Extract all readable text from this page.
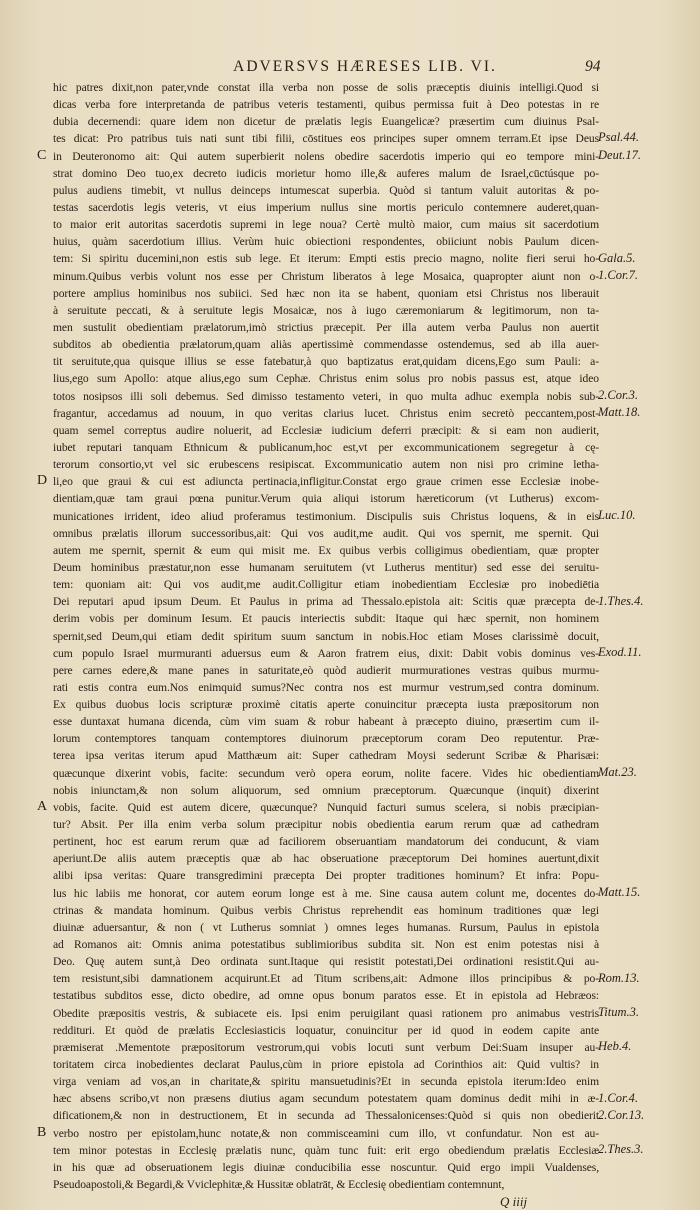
ADVERSVS HÆRESES LIB. VI.	94
hic patres dixit,non pater,vnde constat illa verba non posse de solis præceptis diuinis intelligi.Quod si
dicas verba fore interpretanda de patribus veteris testamenti, quibus permissa fuit à Deo potestas in re
dubia decernendi: quare idem non dicetur de prælatis legis Euangelicæ? præsertim cum diuinus Psal-
tes dicat: Pro patribus tuis nati sunt tibi filii, cōstitues eos principes super omnem terram.Et ipse Deus
in Deuteronomo ait: Qui autem superbierit nolens obedire sacerdotis imperio qui eo tempore mini-
strat domino Deo tuo,ex decreto iudicis morietur homo ille,& auferes malum de Israel,cūctúsque po-
pulus audiens timebit, vt nullus deinceps intumescat superbia. Quòd si tantum valuit autoritas & po-
testas sacerdotis legis veteris, vt eius imperium nullus sine mortis periculo contemnere auderet,quan-
to maior erit autoritas sacerdotis supremi in lege noua? Certè multò maior, cum maius sit sacerdotium
huius, quàm sacerdotium illius. Verùm huic obiectioni respondentes, obiiciunt nobis Paulum dicen-
tem: Si spiritu ducemini,non estis sub lege. Et iterum: Empti estis precio magno, nolite fieri serui ho-
minum.Quibus verbis volunt nos esse per Christum liberatos à lege Mosaica, quapropter aiunt non o-
portere amplius hominibus nos subiici. Sed hæc non ita se habent, quoniam etsi Christus nos liberauit
à seruitute peccati, & à seruitute legis Mosaicæ, nos à iugo cæremoniarum & legitimorum, non ta-
men sustulit obedientiam prælatorum,imò strictius præcepit. Per illa autem verba Paulus non auertit
subditos ab obedientia prælatorum,quam aliàs apertissimè commendasse ostendemus, sed ab illa auer-
tit seruitute,qua quisque illius se esse fatebatur,à quo baptizatus erat,quidam dicens,Ego sum Pauli: a-
lius,ego sum Apollo: atque alius,ego sum Cephæ. Christus enim solus pro nobis passus est, atque ideo
totos nosipsos illi soli debemus. Sed dimisso testamento veteri, in quo multa adhuc exempla nobis sub-
fragantur, accedamus ad nouum, in quo veritas clarius lucet. Christus enim secretò peccantem,post-
quam semel correptus audire noluerit, ad Ecclesiæ iudicium deferri præcipit: & si eam non audierit,
iubet reputari tanquam Ethnicum & publicanum,hoc est,vt per excommunicationem segregetur à cę-
terorum consortio,vt vel sic erubescens resipiscat. Excommunicatio autem non nisi pro crimine letha-
li,eo que graui & cui est adiuncta pertinacia,infligitur.Constat ergo graue crimen esse Ecclesiæ inobe-
dientiam,quæ tam graui pœna punitur.Verum quia aliqui istorum hæreticorum (vt Lutherus) excom-
municationes irrident, ideo aliud proferamus testimonium. Discipulis suis Christus loquens, & in eis
omnibus prælatis illorum successoribus,ait: Qui vos audit,me audit. Qui vos spernit, me spernit. Qui
autem me spernit, spernit & eum qui misit me. Ex quibus verbis colligimus obedientiam, quæ propter
Deum hominibus præstatur,non esse humanam seruitutem (vt Lutherus mentitur) sed esse dei seruitu-
tem: quoniam ait: Qui vos audit,me audit.Colligitur etiam inobedientiam Ecclesiæ pro inobediētia
Dei reputari apud ipsum Deum. Et Paulus in prima ad Thessalo.epistola ait: Scitis quæ præcepta de-
derim vobis per dominum Iesum. Et paucis interiectis subdit: Itaque qui hæc spernit, non hominem
spernit,sed Deum,qui etiam dedit spiritum suum sanctum in nobis.Hoc etiam Moses clarissimè docuit,
cum populo Israel murmuranti aduersus eum & Aaron fratrem eius, dixit: Dabit vobis dominus ves-
pere carnes edere,& mane panes in saturitate,eò quòd audierit murmurationes vestras quibus murmu-
rati estis contra eum.Nos enimquid sumus?Nec contra nos est murmur vestrum,sed contra dominum.
Ex quibus duobus locis scripturæ proximè citatis aperte conuincitur præcepta iusta præpositorum non
esse duntaxat humana dicenda, cùm vim suam & robur habeant à præcepto diuino, præsertim cum il-
lorum contemptores tanquam contemptores diuinorum præceptorum coram Deo reputentur. Præ-
terea ipsa veritas iterum apud Matthæum ait: Super cathedram Moysi sederunt Scribæ & Pharisæi:
quæcunque dixerint vobis, facite: secundum verò opera eorum, nolite facere. Vides hic obedientiam
nobis iniunctam,& non solum aliquorum, sed omnium præceptorum. Quæcunque (inquit) dixerint
vobis, facite. Quid est autem dicere, quæcunque? Nunquid facturi sumus scelera, si nobis præcipian-
tur? Absit. Per illa enim verba solum præcipitur nobis obedientia earum rerum quæ ad cathedram
pertinent, hoc est earum rerum quæ ad faciliorem obseruantiam mandatorum dei conducunt, & viam
aperiunt.De aliis autem præceptis quæ ab hac obseruatione præceptorum Dei homines auertunt,dixit
alibi ipsa veritas: Quare transgredimini præcepta Dei propter traditiones hominum? Et infra: Popu-
lus hic labiis me honorat, cor autem eorum longe est à me. Sine causa autem colunt me, docentes do-
ctrinas & mandata hominum. Quibus verbis Christus reprehendit eas hominum traditiones quæ legi
diuinæ aduersantur, & non ( vt Lutherus somniat ) omnes leges humanas. Rursum, Paulus in epistola
ad Romanos ait: Omnis anima potestatibus sublimioribus subdita sit. Non est enim potestas nisi à
Deo. Quę autem sunt,à Deo ordinata sunt.Itaque qui resistit potestati,Dei ordinationi resistit.Qui au-
tem resistunt,sibi damnationem acquirunt.Et ad Titum scribens,ait: Admone illos principibus & po-
testatibus subditos esse, dicto obedire, ad omne opus bonum paratos esse. Et in epistola ad Hebræos:
Obedite præpositis vestris, & subiacete eis. Ipsi enim peruigilant quasi rationem pro animabus vestris
reddituri. Et quòd de prælatis Ecclesiasticis loquatur, conuincitur per id quod in eodem capite ante
præmiserat .Mementote præpositorum vestrorum,qui vobis locuti sunt verbum Dei:Suam insuper au-
toritatem circa inobedientes declarat Paulus,cùm in priore epistola ad Corinthios ait: Quid vultis? in
virga veniam ad vos,an in charitate,& spiritu mansuetudinis?Et in secunda epistola iterum:Ideo enim
hæc absens scribo,vt non præsens diutius agam secundum potestatem quam dominus dedit mihi in æ-
dificationem,& non in destructionem, Et in secunda ad Thessalonicenses:Quòd si quis non obedierit
verbo nostro per epistolam,hunc notate,& non commisceamini cum illo, vt confundatur. Non est au-
tem minor potestas in Ecclesię prælatis nunc, quàm tunc fuit: erit ergo obediendum prælatis Ecclesiæ
in his quæ ad obseruationem legis diuinæ conducibilia esse noscuntur. Quid ergo impii Vualdenses,
Pseudoapostoli,& Begardi,& Vviclephitæ,& Hussitæ oblatrāt, & Ecclesię obedientiam contemnunt,
Psal.44.
Deut.17.
Gala.5.
1.Cor.7.
2.Cor.3.
Matt.18.
Luc.10.
1.Thes.4.
Exod.11.
Mat.23.
Matt.15.
Rom.13.
Titum.3.
Heb.4.
1.Cor.4.
2.Cor.13.
2.Thes.3.
C
D
A
B
Q iiij
